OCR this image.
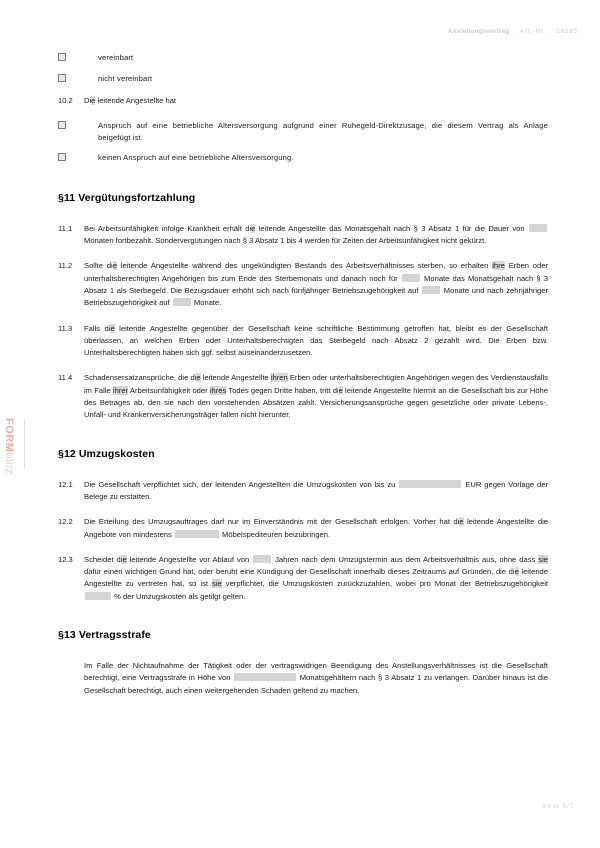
Anstellungsvertrag Art.-Nr. 56595
FORMblitz
vereinbart
nicht vereinbart
10.2	Die leitende Angestellte hat
Anspruch auf eine betriebliche Altersversorgung aufgrund einer Ruhegeld-Direktzusage, die diesem Vertrag als Anlage beigefügt ist.
keinen Anspruch auf eine betriebliche Altersversorgung.
§11 Vergütungsfortzahlung
11.1	Bei Arbeitsunfähigkeit infolge Krankheit erhält die leitende Angestellte das Monatsgehalt nach § 3 Absatz 1 für die Dauer von  Monaten fortbezahlt. Sondervergütungen nach § 3 Absatz 1 bis 4 werden für Zeiten der Arbeitsunfähigkeit nicht gekürzt.
11.2	Sollte die leitende Angestellte während des ungekündigten Bestands des Arbeitsverhältnisses sterben, so erhalten ihre Erben oder unterhaltsberechtigten Angehörigen bis zum Ende des Sterbemonats und danach noch für	Monate das Monatsgehalt nach § 3 Absatz 1 als Sterbegeld. Die Bezugsdauer erhöht sich nach fünfjähriger Betriebszugehörigkeit auf	Monate und nach zehnjähriger Betriebszugehörigkeit auf	Monate.
11.3	Falls die leitende Angestellte gegenüber der Gesellschaft keine schriftliche Bestimmung getroffen hat, bleibt es der Gesellschaft überlassen, an welchen Erben oder Unterhaltsberechtigten das Sterbegeld nach Absatz 2 gezahlt wird. Die Erben bzw. Unterhaltsberechtigten haben sich ggf. selbst auseinanderzusetzen.
11.4	Schadensersatzansprüche, die die leitende Angestellte ihren Erben oder unterhaltsberechtigten Angehörigen wegen des Verdienstausfalls im Falle ihrer Arbeitsunfähigkeit oder ihres Todes gegen Dritte haben, tritt die leitende Angestellte hiermit an die Gesellschaft bis zur Höhe des Betrages ab, den sie nach den vorstehenden Absätzen zahlt. Versicherungsansprüche gegen gesetzliche oder private Lebens-, Unfall- und Krankenversicherungsträger fallen nicht hierunter.
§12 Umzugskosten
12.1	Die Gesellschaft verpflichtet sich, der leitenden Angestellten die Umzugskosten von bis zu	EUR gegen Vorlage der Belege zu erstatten.
12.2	Die Erteilung des Umzugsauftrages darf nur im Einverständnis mit der Gesellschaft erfolgen. Vorher hat die leitende Angestellte die Angebote von mindestens	Möbelspediteuren beizubringen.
12.3	Scheidet die leitende Angestellte vor Ablauf von	Jahren nach dem Umzugstermin aus dem Arbeitsverhältnis aus, ohne dass sie dafür einen wichtigen Grund hat, oder beruht eine Kündigung der Gesellschaft innerhalb dieses Zeitraums auf Gründen, die die leitende Angestellte zu vertreten hat, so ist sie verpflichtet, die Umzugskosten zurückzuzahlen, wobei pro Monat der Betriebszugehörigkeit  % der Umzugskosten als getilgt gelten.
§13 Vertragsstrafe
Im Falle der Nichtaufnahme der Tätigkeit oder der vertragswidrigen Beendigung des Anstellungsverhältnisses ist die Gesellschaft berechtigt, eine Vertragsstrafe in Höhe von	Monatsgehältern nach § 3 Absatz 1 zu verlangen. Darüber hinaus ist die Gesellschaft berechtigt, auch einen weitergehenden Schaden geltend zu machen.
Seite 5/7
